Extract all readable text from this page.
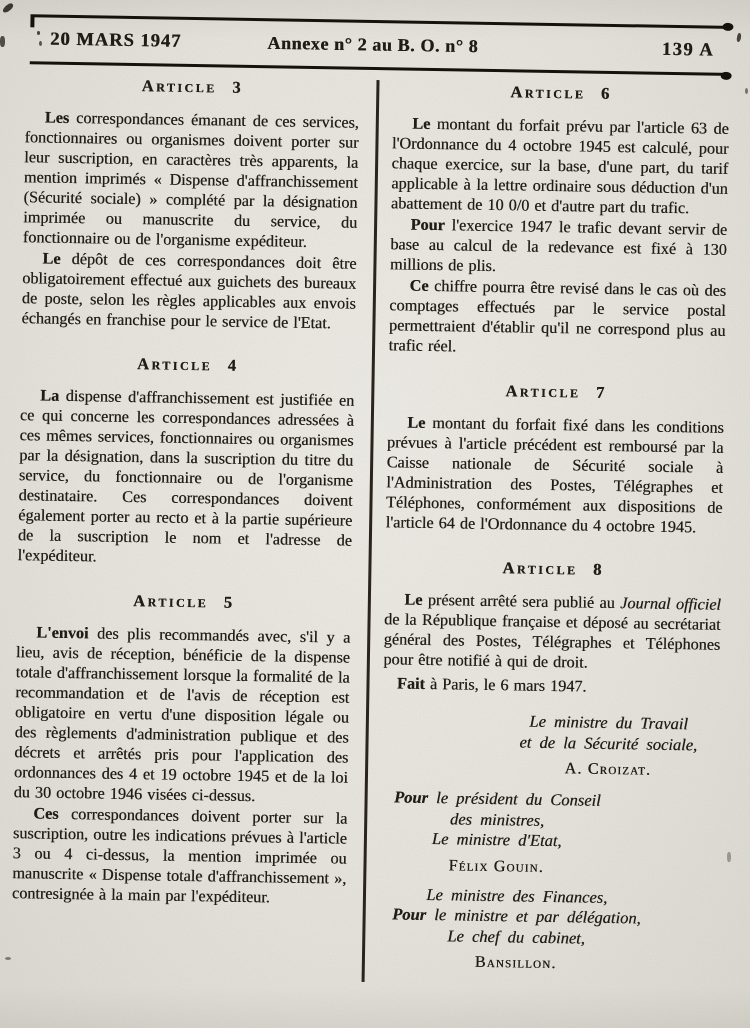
20 MARS 1947	Annexe n° 2 au B. O. n° 8	139 A
Article 3

Les correspondances émanant de ces services, fonctionnaires ou organismes doivent porter sur leur suscription, en caractères très apparents, la mention imprimés « Dispense d'affranchissement (Sécurité sociale) » complété par la désignation imprimée ou manuscrite du service, du fonctionnaire ou de l'organisme expéditeur.

Le dépôt de ces correspondances doit être obligatoirement effectué aux guichets des bureaux de poste, selon les règles applicables aux envois échangés en franchise pour le service de l'Etat.

Article 4

La dispense d'affranchissement est justifiée en ce qui concerne les correspondances adressées à ces mêmes services, fonctionnaires ou organismes par la désignation, dans la suscription du titre du service, du fonctionnaire ou de l'organisme destinataire. Ces correspondances doivent également porter au recto et à la partie supérieure de la suscription le nom et l'adresse de l'expéditeur.

Article 5

L'envoi des plis recommandés avec, s'il y a lieu, avis de réception, bénéficie de la dispense totale d'affranchissement lorsque la formalité de la recommandation et de l'avis de réception est obligatoire en vertu d'une disposition légale ou des règlements d'administration publique et des décrets et arrêtés pris pour l'application des ordonnances des 4 et 19 octobre 1945 et de la loi du 30 octobre 1946 visées ci-dessus.

Ces correspondances doivent porter sur la suscription, outre les indications prévues à l'article 3 ou 4 ci-dessus, la mention imprimée ou manuscrite « Dispense totale d'affranchissement », contresignée à la main par l'expéditeur.

Article 6

Le montant du forfait prévu par l'article 63 de l'Ordonnance du 4 octobre 1945 est calculé, pour chaque exercice, sur la base, d'une part, du tarif applicable à la lettre ordinaire sous déduction d'un abattement de 10 0/0 et d'autre part du trafic.

Pour l'exercice 1947 le trafic devant servir de base au calcul de la redevance est fixé à 130 millions de plis.

Ce chiffre pourra être revisé dans le cas où des comptages effectués par le service postal permettraient d'établir qu'il ne correspond plus au trafic réel.

Article 7

Le montant du forfait fixé dans les conditions prévues à l'article précédent est remboursé par la Caisse nationale de Sécurité sociale à l'Administration des Postes, Télégraphes et Téléphones, conformément aux dispositions de l'article 64 de l'Ordonnance du 4 octobre 1945.

Article 8

Le présent arrêté sera publié au Journal officiel de la République française et déposé au secrétariat général des Postes, Télégraphes et Téléphones pour être notifié à qui de droit.

Fait à Paris, le 6 mars 1947.

Le ministre du Travail
et de la Sécurité sociale,
A. Croizat.
Pour le président du Conseil
des ministres,
Le ministre d'Etat,
Félix Gouin.
Le ministre des Finances,
Pour le ministre et par délégation,
Le chef du cabinet,
Bansillon.
